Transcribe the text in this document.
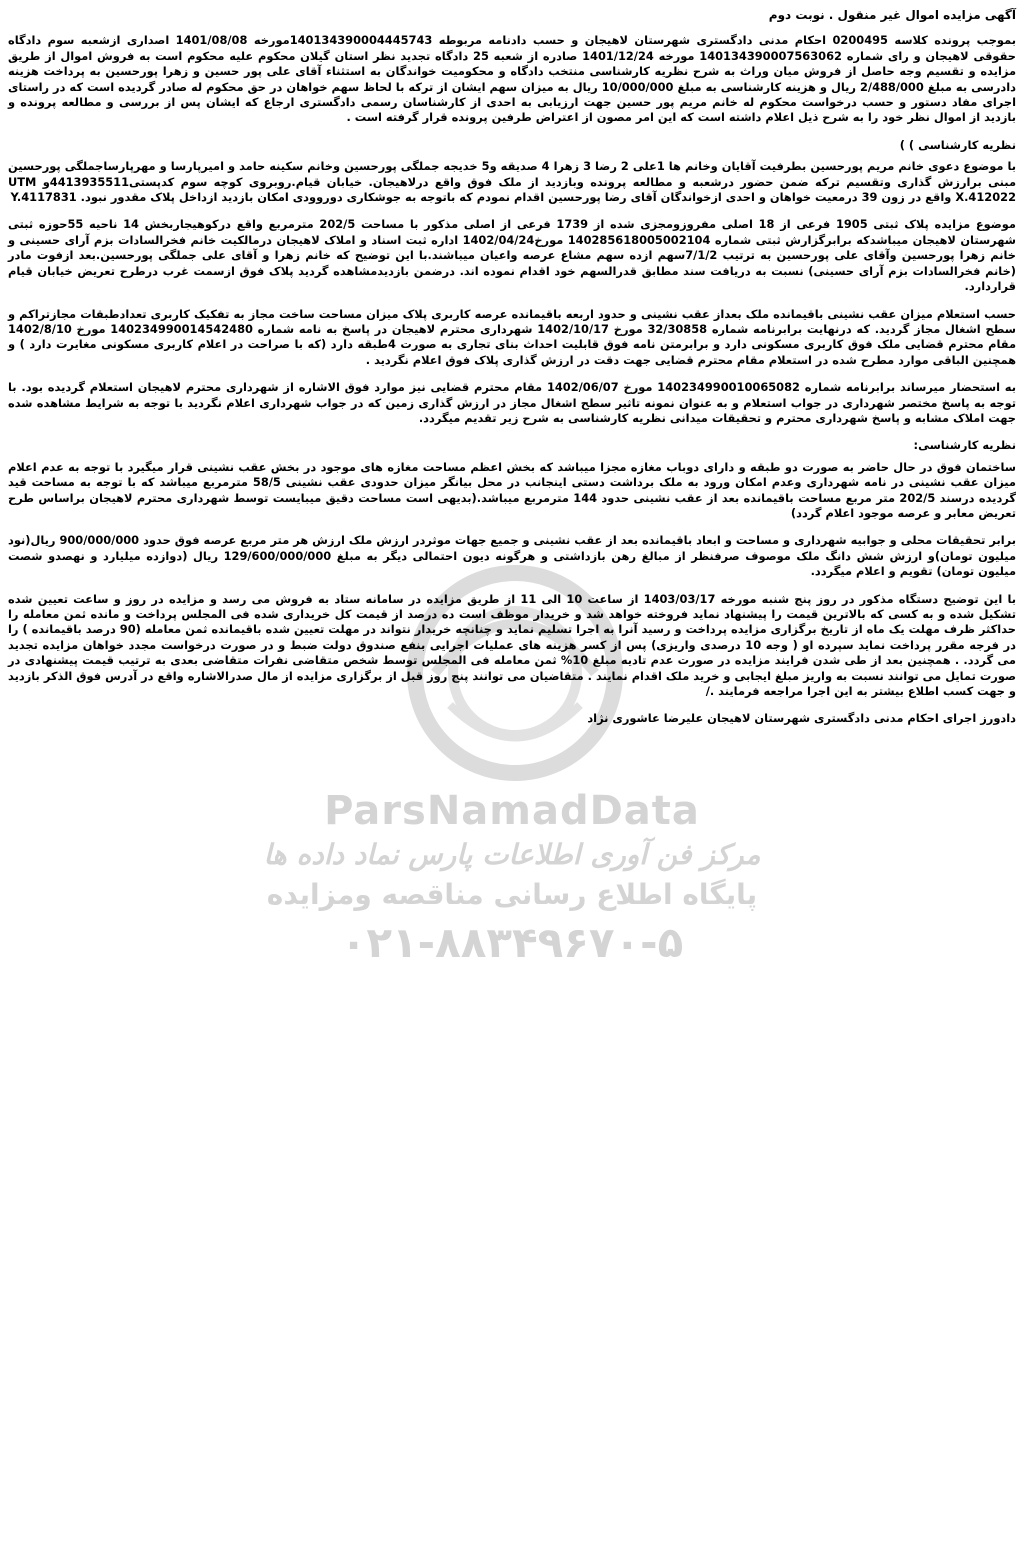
ParsNamadData
مرکز فن آوری اطلاعات پارس نماد داده ها
پایگاه اطلاع رسانی مناقصه ومزایده
۰۲۱-۸۸۳۴۹۶۷۰-۵

آگهی مزایده اموال غیر منقول . نوبت دوم

بموجب پرونده کلاسه 0200495 احکام مدنی دادگستری شهرستان لاهیجان و حسب دادنامه مربوطه 140134390004445743مورخه 1401/08/08 اصداری ازشعبه سوم دادگاه حقوقی لاهیجان و رای شماره 140134390007563062 مورخه 1401/12/24 صادره از شعبه 25 دادگاه تجدید نظر استان گیلان محکوم علیه محکوم است به فروش اموال از طریق مزایده و تقسیم وجه حاصل از فروش میان وراث به شرح نظریه کارشناسی منتخب دادگاه و محکومیت خواندگان به استثناء آقای علی پور حسین و زهرا پورحسین به پرداخت هزینه دادرسی به مبلغ 2/488/000 ریال و هزینه کارشناسی به مبلغ 10/000/000 ریال به میزان سهم ایشان از ترکه با لحاظ سهم خواهان در حق محکوم له صادر گردیده است که در راستای اجرای مفاد دستور و حسب درخواست محکوم له خانم مریم پور حسین جهت ارزیابی به احدی از کارشناسان رسمی دادگستری ارجاع که ایشان پس از بررسی و مطالعه پرونده و بازدید از اموال نظر خود را به شرح ذیل اعلام داشته است که این امر مصون از اعتراض طرفین پرونده قرار گرفته است .

نظریه کارشناسی ) )

با موضوع دعوی خانم مریم پورحسین بطرفیت آقایان وخانم ها 1علی 2 رضا 3 زهرا 4 صدیقه و5 خدیجه جملگی پورحسین وخانم سکینه حامد و امیرپارسا و مهرپارساجملگی پورحسین مبنی برارزش گذاری وتقسیم ترکه ضمن حضور درشعبه و مطالعه پرونده وبازدید از ملک فوق واقع درلاهیجان. خیابان قیام.روبروی کوچه سوم کدپستی4413935511و UTM X.412022 واقع در زون 39 درمعیت خواهان و احدی ازخواندگان آقای رضا پورحسین اقدام نمودم که باتوجه به جوشکاری دوروودی امکان بازدید ازداخل پلاک مقدور نبود. Y.4117831

موضوع مزایده پلاک ثبتی 1905 فرعی از 18 اصلی مفروزومجزی شده از 1739 فرعی از اصلی مذکور با مساحت 202/5 مترمربع واقع درکوهیجاربخش 14 ناحیه 55حوزه ثبتی شهرستان لاهیجان میباشدکه برابرگزارش ثبتی شماره 140285618005002104 مورخ1402/04/24 اداره ثبت اسناد و املاک لاهیجان درمالکیت خانم فخرالسادات بزم آرای حسینی و خانم زهرا پورحسین وآقای علی پورحسین به ترتیب 7/1/2سهم ازده سهم مشاع عرصه واعیان میباشند.با این توضیح که خانم زهرا و آقای علی جملگی پورحسین.بعد ازفوت مادر (خانم فخرالسادات بزم آرای حسینی) نسبت به دریافت سند مطابق قدرالسهم خود اقدام نموده اند. درضمن بازدیدمشاهده گردید پلاک فوق ازسمت غرب درطرح تعریض خیابان قیام قراردارد.

حسب استعلام میزان عقب نشینی باقیمانده ملک بعداز عقب نشینی و حدود اربعه باقیمانده عرصه کاربری پلاک میزان مساحت ساخت مجاز به تفکیک کاربری تعدادطبقات مجازتراکم و سطح اشغال مجاز گردید. که درنهایت برابرنامه شماره 32/30858 مورخ 1402/10/17 شهرداری محترم لاهیجان در پاسخ به نامه شماره 140234990014542480 مورخ 1402/8/10 مقام محترم قضایی ملک فوق کاربری مسکونی دارد و برابرمتن نامه فوق قابلیت احداث بنای تجاری به صورت 4طبقه دارد (که با صراحت در اعلام کاربری مسکونی مغایرت دارد ) و همچنین الباقی موارد مطرح شده در استعلام مقام محترم قضایی جهت دقت در ارزش گذاری پلاک فوق اعلام نگردید .

به استحضار میرساند برابرنامه شماره 140234990010065082 مورخ 1402/06/07 مقام محترم قضایی نیز موارد فوق الاشاره از شهرداری محترم لاهیجان استعلام گردیده بود. با توجه به پاسخ مختصر شهرداری در جواب استعلام و به عنوان نمونه تاثیر سطح اشغال مجاز در ارزش گذاری زمین که در جواب شهرداری اعلام نگردید با توجه به شرایط مشاهده شده جهت املاک مشابه و پاسخ شهرداری محترم و تحقیقات میدانی نظریه کارشناسی به شرح زیر تقدیم میگردد.

نظریه کارشناسی:

ساختمان فوق در حال حاضر به صورت دو طبقه و دارای دوباب مغازه مجزا میباشد که بخش اعظم مساحت مغازه های موجود در بخش عقب نشینی قرار میگیرد با توجه به عدم اعلام میزان عقب نشینی در نامه شهرداری وعدم امکان ورود به ملک برداشت دستی اینجانب در محل بیانگر میزان حدودی عقب نشینی 58/5 مترمربع میباشد که با توجه به مساحت قید گردیده درسند 202/5 متر مربع مساحت باقیمانده بعد از عقب نشینی حدود 144 مترمربع میباشد.(بدیهی است مساحت دقیق میبایست توسط شهرداری محترم لاهیجان براساس طرح تعریض معابر و عرصه موجود اعلام گردد)

برابر تحقیقات محلی و جوابیه شهرداری و مساحت و ابعاد باقیمانده بعد از عقب نشینی و جمیع جهات موثردر ارزش ملک ارزش هر متر مربع عرصه فوق حدود 900/000/000 ریال(نود میلیون تومان)و ارزش شش دانگ ملک موصوف صرفنظر از مبالغ رهن بازداشتی و هرگونه دیون احتمالی دیگر به مبلغ 129/600/000/000 ریال (دوازده میلیارد و نهصدو شصت میلیون تومان) تقویم و اعلام میگردد.

با این توضیح دستگاه مذکور در روز پنج شنبه مورخه 1403/03/17 از ساعت 10 الی 11 از طریق مزایده در سامانه ستاد به فروش می رسد و مزایده در روز و ساعت تعیین شده تشکیل شده و به کسی که بالاترین قیمت را پیشنهاد نماید فروخته خواهد شد و خریدار موظف است ده درصد از قیمت کل خریداری شده فی المجلس پرداخت و مانده ثمن معامله را حداکثر ظرف مهلت یک ماه از تاریخ برگزاری مزایده پرداخت و رسید آنرا به اجرا تسلیم نماید و چنانچه خریدار نتواند در مهلت تعیین شده باقیمانده ثمن معامله (90 درصد باقیمانده ) را در فرجه مقرر پرداخت نماید سپرده او ( وجه 10 درصدی واریزی) پس از کسر هزینه های عملیات اجرایی بنفع صندوق دولت ضبط و در صورت درخواست مجدد خواهان مزایده تجدید می گردد. . همچنین بعد از طی شدن فرایند مزایده در صورت عدم تادیه مبلغ 10% ثمن معامله فی المجلس توسط شخص متقاضی نفرات متقاضی بعدی به ترتیب قیمت پیشنهادی در صورت تمایل می توانند نسبت به واریز مبلغ ایجابی و خرید ملک اقدام نمایند . متقاضیان می توانند پنج روز قبل از برگزاری مزایده از مال صدرالاشاره واقع در آدرس فوق الذکر بازدید و جهت کسب اطلاع بیشتر به این اجرا مراجعه فرمایند ./

دادورز اجرای احکام مدنی دادگستری شهرستان لاهیجان علیرضا عاشوری نژاد
